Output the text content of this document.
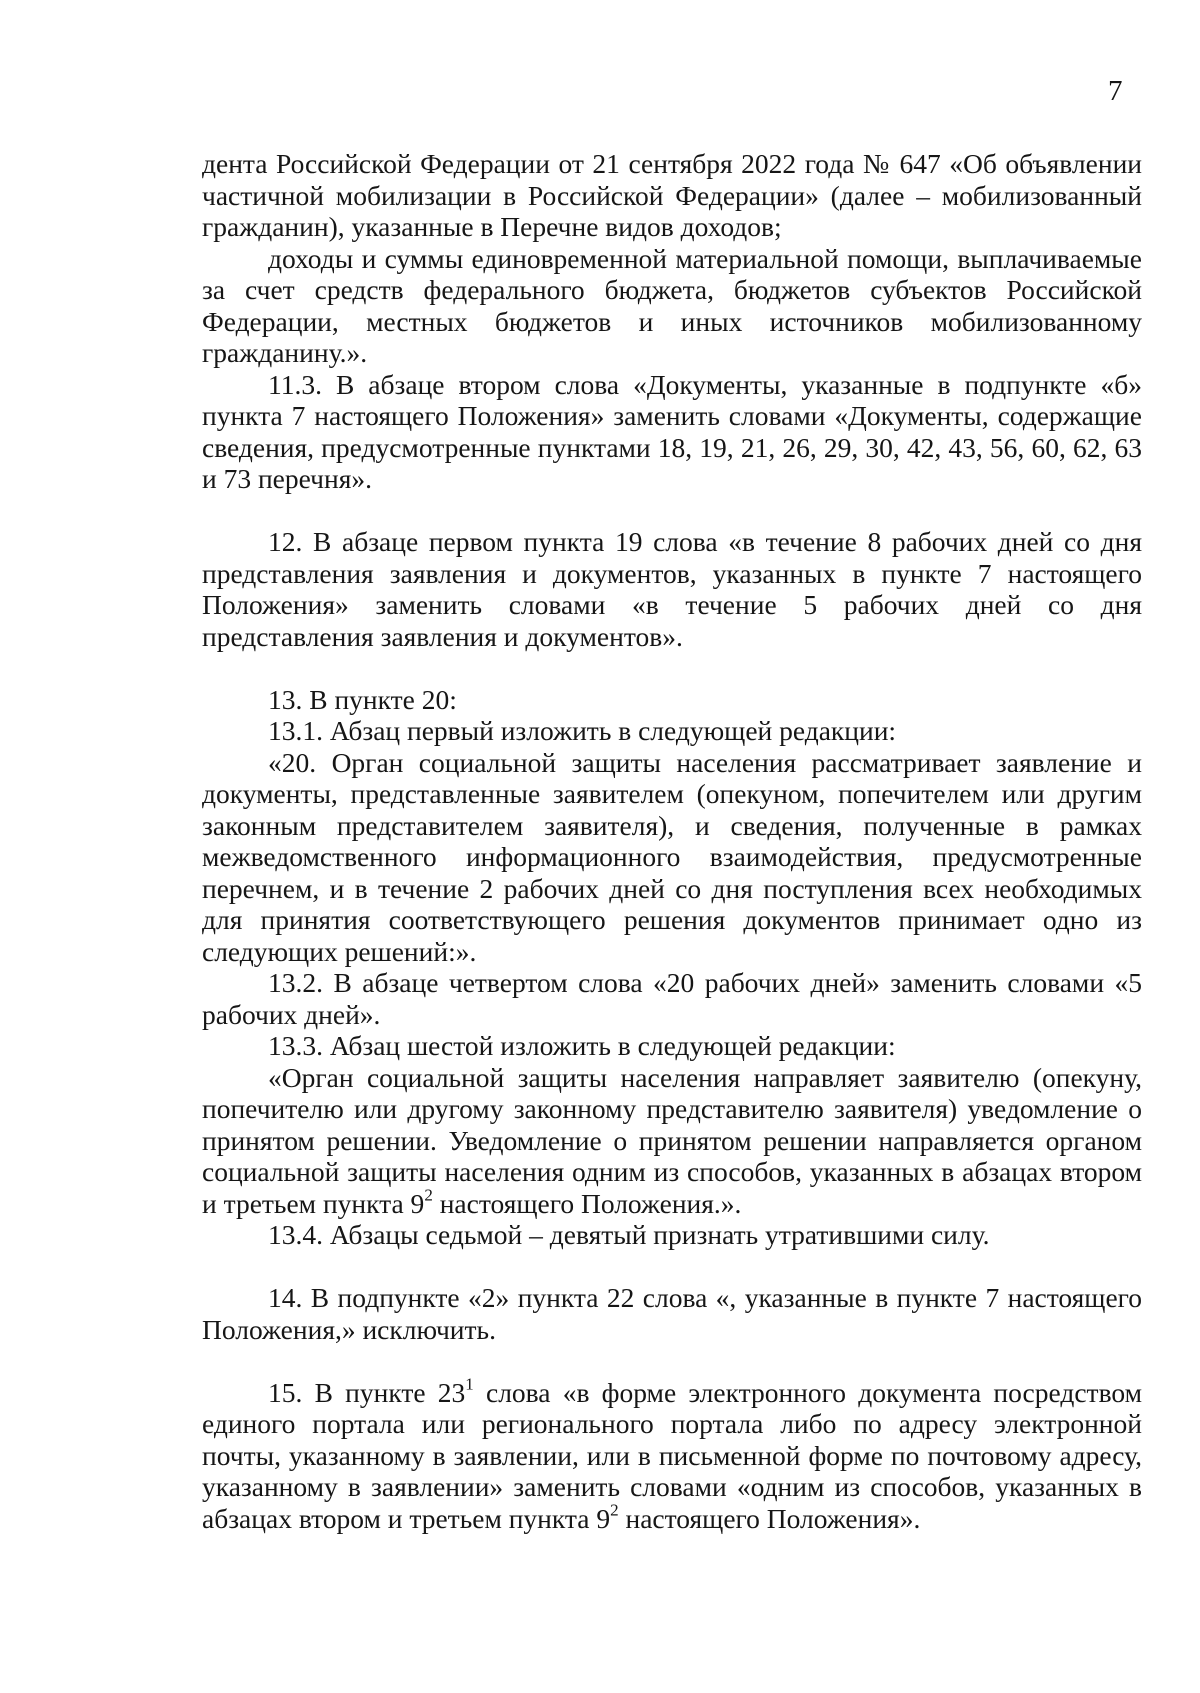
7

дента Российской Федерации от 21 сентября 2022 года № 647 «Об объявлении частичной мобилизации в Российской Федерации» (далее – мобилизованный гражданин), указанные в Перечне видов доходов;

доходы и суммы единовременной материальной помощи, выплачиваемые за счет средств федерального бюджета, бюджетов субъектов Российской Федерации, местных бюджетов и иных источников мобилизованному гражданину.».

11.3. В абзаце втором слова «Документы, указанные в подпункте «б» пункта 7 настоящего Положения» заменить словами «Документы, содержащие сведения, предусмотренные пунктами 18, 19, 21, 26, 29, 30, 42, 43, 56, 60, 62, 63 и 73 перечня».

12. В абзаце первом пункта 19 слова «в течение 8 рабочих дней со дня представления заявления и документов, указанных в пункте 7 настоящего Положения» заменить словами «в течение 5 рабочих дней со дня представления заявления и документов».

13. В пункте 20:

13.1. Абзац первый изложить в следующей редакции:

«20. Орган социальной защиты населения рассматривает заявление и документы, представленные заявителем (опекуном, попечителем или другим законным представителем заявителя), и сведения, полученные в рамках межведомственного информационного взаимодействия, предусмотренные перечнем, и в течение 2 рабочих дней со дня поступления всех необходимых для принятия соответствующего решения документов принимает одно из следующих решений:».

13.2. В абзаце четвертом слова «20 рабочих дней» заменить словами «5 рабочих дней».

13.3. Абзац шестой изложить в следующей редакции:

«Орган социальной защиты населения направляет заявителю (опекуну, попечителю или другому законному представителю заявителя) уведомление о принятом решении. Уведомление о принятом решении направляется органом социальной защиты населения одним из способов, указанных в абзацах втором и третьем пункта $9^2$ настоящего Положения.».

13.4. Абзацы седьмой – девятый признать утратившими силу.

14. В подпункте «2» пункта 22 слова «, указанные в пункте 7 настоящего Положения,» исключить.

15. В пункте $23^1$ слова «в форме электронного документа посредством единого портала или регионального портала либо по адресу электронной почты, указанному в заявлении, или в письменной форме по почтовому адресу, указанному в заявлении» заменить словами «одним из способов, указанных в абзацах втором и третьем пункта $9^2$ настоящего Положения».
